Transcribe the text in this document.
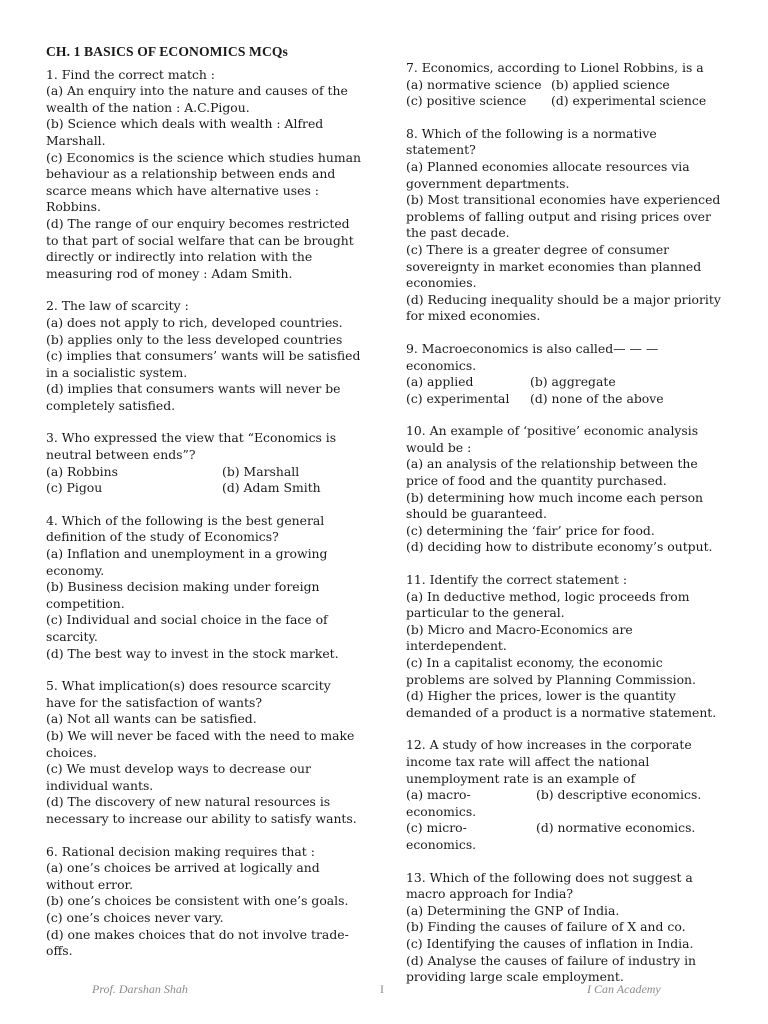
CH. 1 BASICS OF ECONOMICS MCQs

1. Find the correct match :

(a) An enquiry into the nature and causes of the wealth of the nation : A.C.Pigou.

(b) Science which deals with wealth : Alfred Marshall.

(c) Economics is the science which studies human behaviour as a relationship between ends and scarce means which have alternative uses : Robbins.

(d) The range of our enquiry becomes restricted to that part of social welfare that can be brought directly or indirectly into relation with the measuring rod of money : Adam Smith.

2. The law of scarcity :

(a) does not apply to rich, developed countries.

(b) applies only to the less developed countries

(c) implies that consumers’ wants will be satisfied in a socialistic system.

(d) implies that consumers wants will never be completely satisfied.

3. Who expressed the view that “Economics is neutral between ends”?

(a) Robbins	(b) Marshall
(c) Pigou	(d) Adam Smith

4. Which of the following is the best general definition of the study of Economics?

(a) Inflation and unemployment in a growing economy.

(b) Business decision making under foreign competition.

(c) Individual and social choice in the face of scarcity.

(d) The best way to invest in the stock market.

5. What implication(s) does resource scarcity have for the satisfaction of wants?

(a) Not all wants can be satisfied.

(b) We will never be faced with the need to make choices.

(c) We must develop ways to decrease our individual wants.

(d) The discovery of new natural resources is necessary to increase our ability to satisfy wants.

6. Rational decision making requires that :

(a) one’s choices be arrived at logically and without error.

(b) one’s choices be consistent with one’s goals.

(c) one’s choices never vary.

(d) one makes choices that do not involve trade-offs.

7. Economics, according to Lionel Robbins, is a

(a) normative science (b) applied science
(c) positive science	(d) experimental science

8. Which of the following is a normative statement?

(a) Planned economies allocate resources via government departments.

(b) Most transitional economies have experienced problems of falling output and rising prices over the past decade.

(c) There is a greater degree of consumer sovereignty in market economies than planned economies.

(d) Reducing inequality should be a major priority for mixed economies.

9. Macroeconomics is also called— — — economics.

(a) applied	(b) aggregate
(c) experimental	(d) none of the above

10. An example of ‘positive’ economic analysis would be :

(a) an analysis of the relationship between the price of food and the quantity purchased.

(b) determining how much income each person should be guaranteed.

(c) determining the ‘fair’ price for food.

(d) deciding how to distribute economy’s output.

11. Identify the correct statement :

(a) In deductive method, logic proceeds from particular to the general.

(b) Micro and Macro-Economics are interdependent.

(c) In a capitalist economy, the economic problems are solved by Planning Commission.

(d) Higher the prices, lower is the quantity demanded of a product is a normative statement.

12. A study of how increases in the corporate income tax rate will affect the national unemployment rate is an example of

(a) macro-economics.
(b) descriptive economics.
(c) micro-economics.
(d) normative economics.

13. Which of the following does not suggest a macro approach for India?

(a) Determining the GNP of India.

(b) Finding the causes of failure of X and co.

(c) Identifying the causes of inflation in India.

(d) Analyse the causes of failure of industry in providing large scale employment.

Prof. Darshan Shah	I	I Can Academy
